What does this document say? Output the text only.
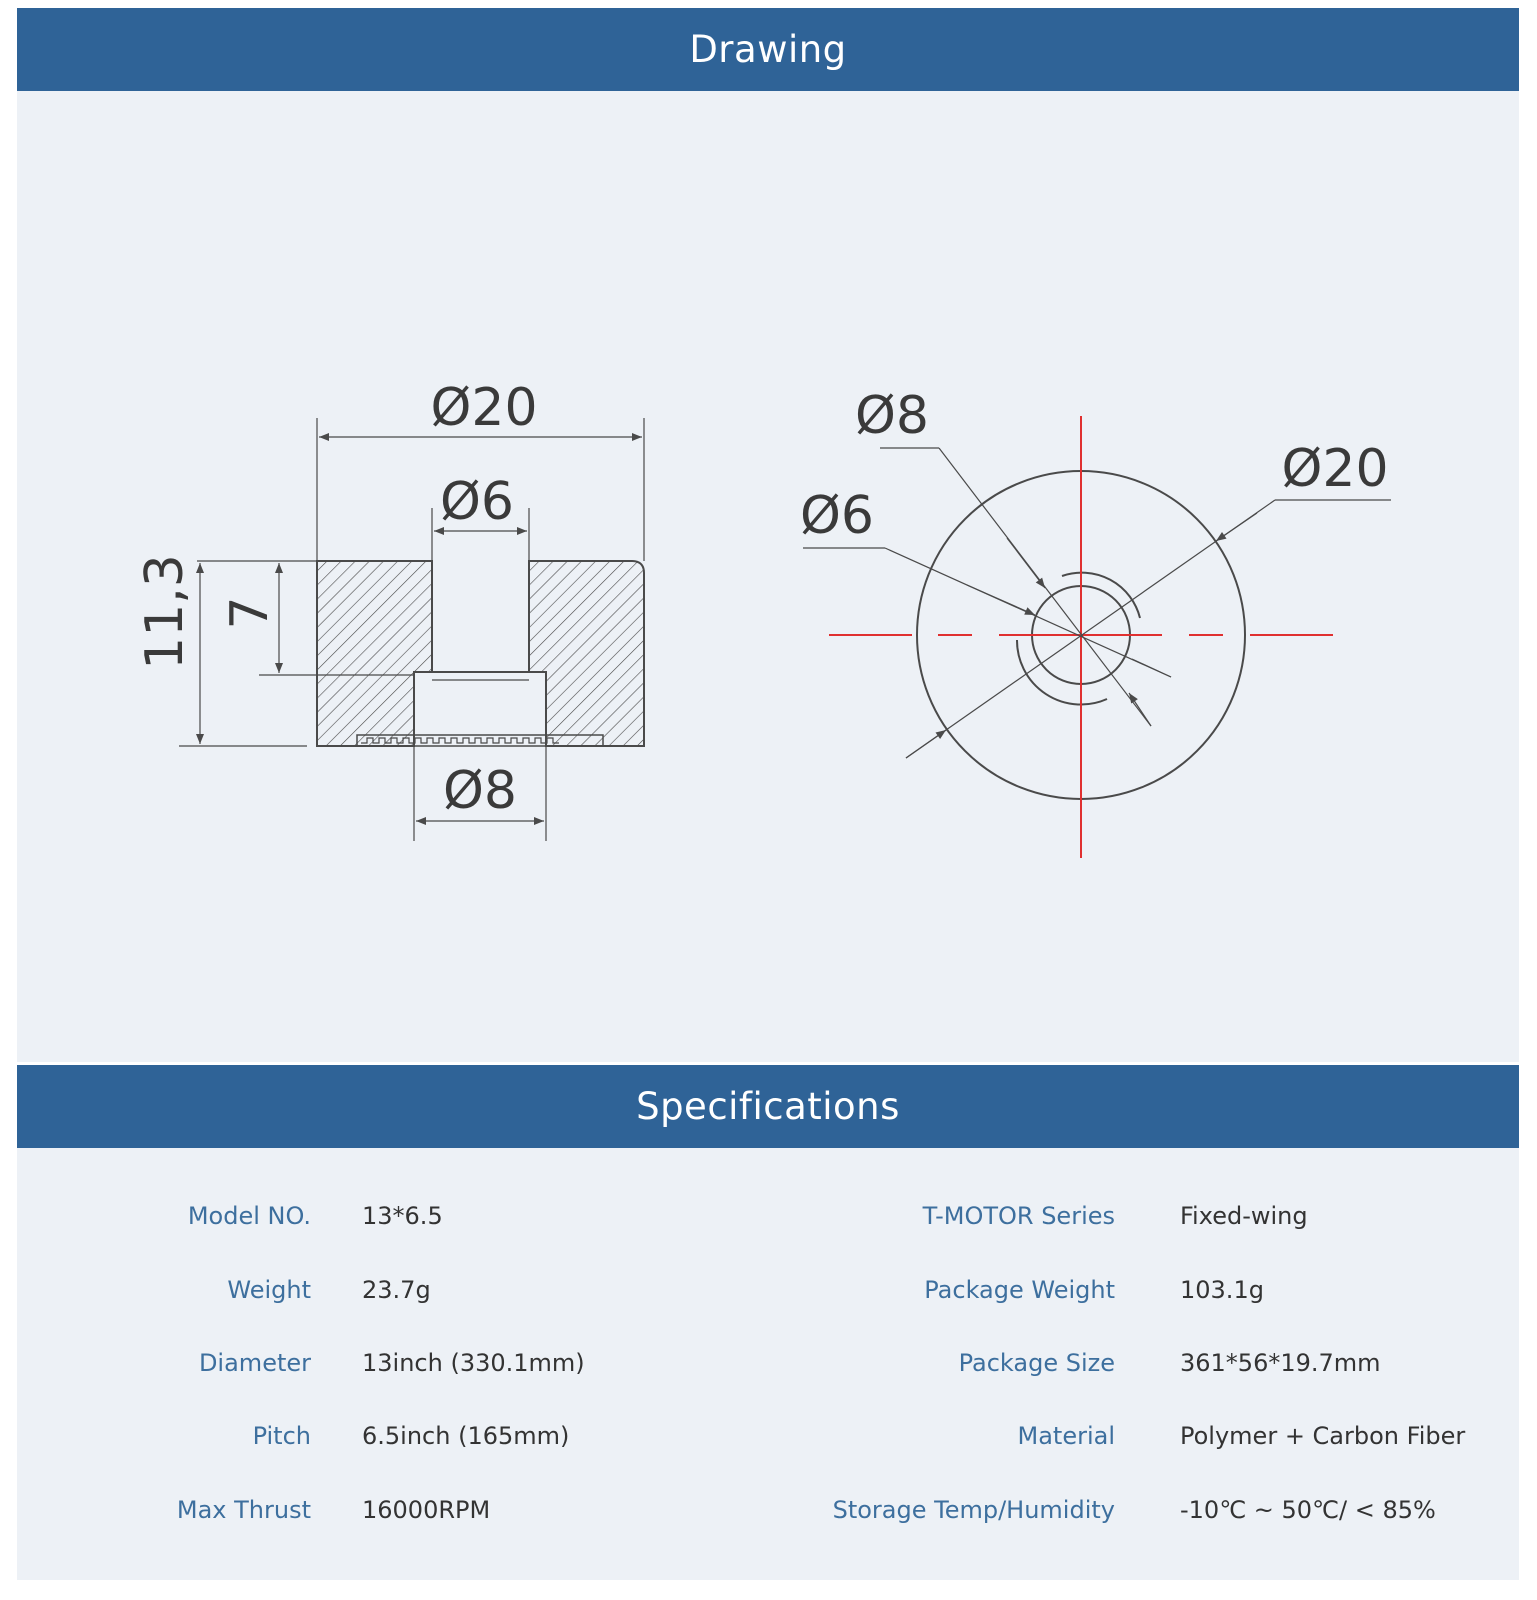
Drawing
Ø20
Ø6
Ø8
11,3 7
Ø8
Ø6
Ø20
Specifications
Model NO. 13*6.5	T-MOTOR Series	Fixed-wing
Weight 23.7g	Package Weight	103.1g
Diameter 13inch (330.1mm)	Package Size	361*56*19.7mm
Pitch 6.5inch (165mm)	Material	Polymer + Carbon Fiber
Max Thrust 16000RPM	Storage Temp/Humidity	-10℃ ~ 50℃/ < 85%
